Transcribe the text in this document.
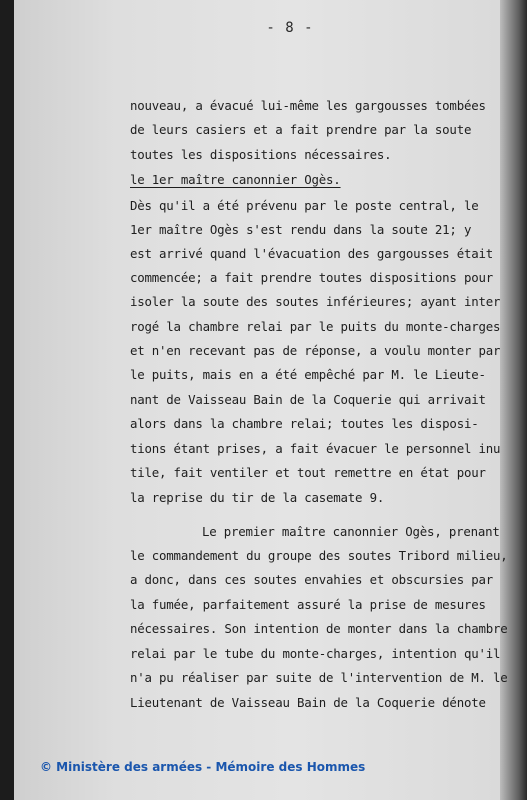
- 8 -
nouveau, a évacué lui-même les gargousses tombées
de leurs casiers et a fait prendre par la soute
toutes les dispositions nécessaires.
le 1er maître canonnier Ogès.
Dès qu'il a été prévenu par le poste central, le
1er maître Ogès s'est rendu dans la soute 21; y
est arrivé quand l'évacuation des gargousses était
commencée; a fait prendre toutes dispositions pour
isoler la soute des soutes inférieures; ayant inter
rogé la chambre relai par le puits du monte-charges
et n'en recevant pas de réponse, a voulu monter par
le puits, mais en a été empêché par M. le Lieute-
nant de Vaisseau Bain de la Coquerie qui arrivait
alors dans la chambre relai; toutes les disposi-
tions étant prises, a fait évacuer le personnel inu
tile, fait ventiler et tout remettre en état pour
la reprise du tir de la casemate 9.
Le premier maître canonnier Ogès, prenant
le commandement du groupe des soutes Tribord milieu,
a donc, dans ces soutes envahies et obscursies par
la fumée, parfaitement assuré la prise de mesures
nécessaires. Son intention de monter dans la chambre
relai par le tube du monte-charges, intention qu'il
n'a pu réaliser par suite de l'intervention de M. le
Lieutenant de Vaisseau Bain de la Coquerie dénote
© Ministère des armées - Mémoire des Hommes
